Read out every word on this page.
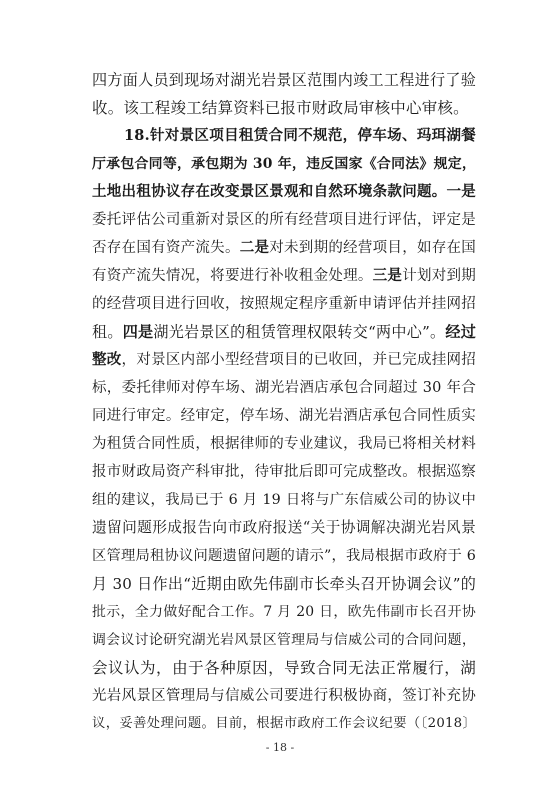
四方面人员到现场对湖光岩景区范围内竣工工程进行了验
收。该工程竣工结算资料已报市财政局审核中心审核。
18.针对景区项目租赁合同不规范，停车场、玛珥湖餐
厅承包合同等，承包期为 30 年，违反国家《合同法》规定，
土地出租协议存在改变景区景观和自然环境条款问题。一是
委托评估公司重新对景区的所有经营项目进行评估，评定是
否存在国有资产流失。二是对未到期的经营项目，如存在国
有资产流失情况，将要进行补收租金处理。三是计划对到期
的经营项目进行回收，按照规定程序重新申请评估并挂网招
租。四是湖光岩景区的租赁管理权限转交“两中心”。经过
整改，对景区内部小型经营项目的已收回，并已完成挂网招
标，委托律师对停车场、湖光岩酒店承包合同超过 30 年合
同进行审定。经审定，停车场、湖光岩酒店承包合同性质实
为租赁合同性质，根据律师的专业建议，我局已将相关材料
报市财政局资产科审批，待审批后即可完成整改。根据巡察
组的建议，我局已于 6 月 19 日将与广东信威公司的协议中
遗留问题形成报告向市政府报送“关于协调解决湖光岩风景
区管理局租协议问题遗留问题的请示”，我局根据市政府于 6
月 30 日作出“近期由欧先伟副市长牵头召开协调会议”的
批示，全力做好配合工作。7 月 20 日，欧先伟副市长召开协
调会议讨论研究湖光岩风景区管理局与信威公司的合同问题，
会议认为，由于各种原因，导致合同无法正常履行，湖
光岩风景区管理局与信威公司要进行积极协商，签订补充协
议，妥善处理问题。目前，根据市政府工作会议纪要（〔2018〕
- 18 -
